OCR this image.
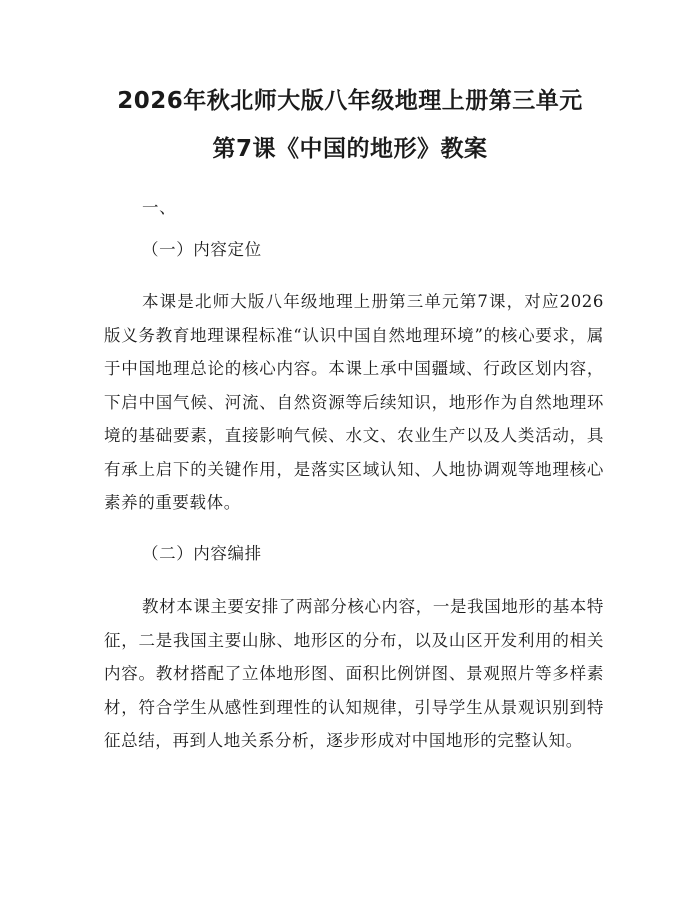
2026年秋北师大版八年级地理上册第三单元
第7课《中国的地形》教案

一、

（一）内容定位

本课是北师大版八年级地理上册第三单元第7课，对应2026版义务教育地理课程标准“认识中国自然地理环境”的核心要求，属于中国地理总论的核心内容。本课上承中国疆域、行政区划内容，下启中国气候、河流、自然资源等后续知识，地形作为自然地理环境的基础要素，直接影响气候、水文、农业生产以及人类活动，具有承上启下的关键作用，是落实区域认知、人地协调观等地理核心素养的重要载体。

（二）内容编排

教材本课主要安排了两部分核心内容，一是我国地形的基本特征，二是我国主要山脉、地形区的分布，以及山区开发利用的相关内容。教材搭配了立体地形图、面积比例饼图、景观照片等多样素材，符合学生从感性到理性的认知规律，引导学生从景观识别到特征总结，再到人地关系分析，逐步形成对中国地形的完整认知。
